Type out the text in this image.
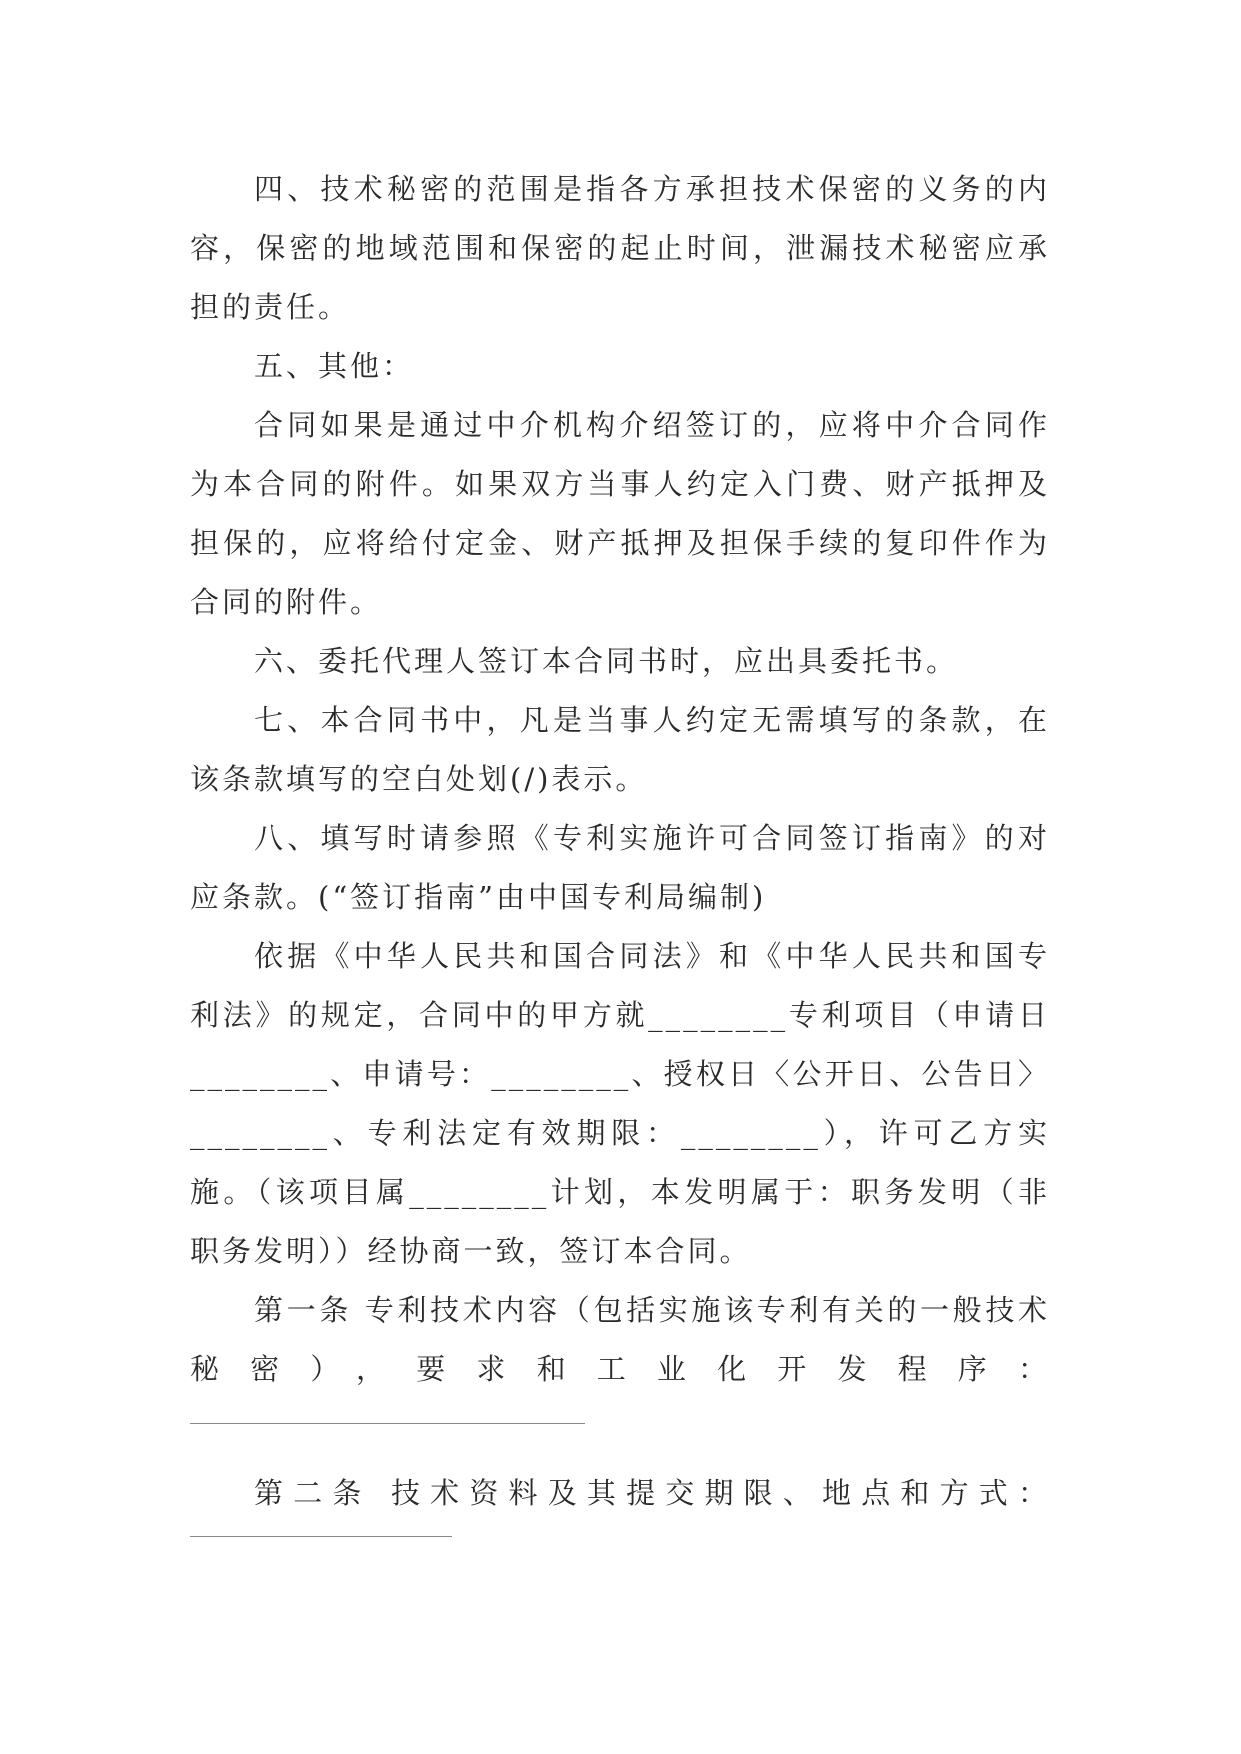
四、技术秘密的范围是指各方承担技术保密的义务的内容，保密的地域范围和保密的起止时间，泄漏技术秘密应承担的责任。

五、其他：

合同如果是通过中介机构介绍签订的，应将中介合同作为本合同的附件。如果双方当事人约定入门费、财产抵押及担保的，应将给付定金、财产抵押及担保手续的复印件作为合同的附件。

六、委托代理人签订本合同书时，应出具委托书。

七、本合同书中，凡是当事人约定无需填写的条款，在该条款填写的空白处划(/)表示。

八、填写时请参照《专利实施许可合同签订指南》的对应条款。(“签订指南”由中国专利局编制)

依据《中华人民共和国合同法》和《中华人民共和国专利法》的规定，合同中的甲方就________专利项目（申请日________、申请号：________、授权日〈公开日、公告日〉________、专利法定有效期限：________），许可乙方实施。（该项目属________计划，本发明属于：职务发明（非职务发明））经协商一致，签订本合同。

第一条 专利技术内容（包括实施该专利有关的一般技术秘密），要求和工业化开发程序：

第二条 技术资料及其提交期限、地点和方式：
